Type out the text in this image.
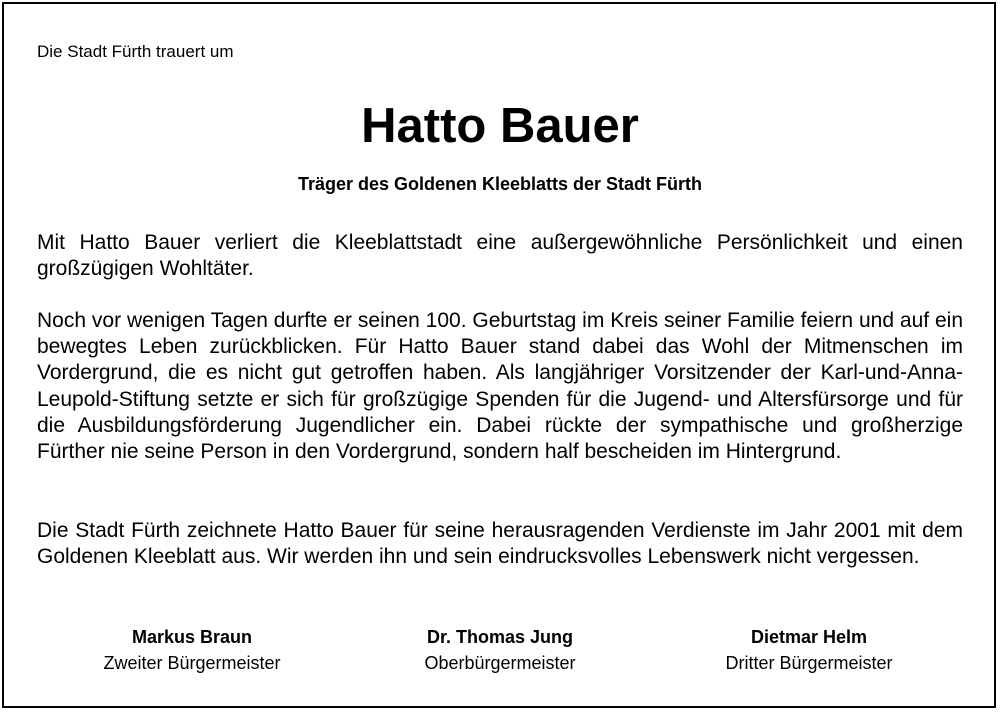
Die Stadt Fürth trauert um
Hatto Bauer
Träger des Goldenen Kleeblatts der Stadt Fürth

Mit Hatto Bauer verliert die Kleeblattstadt eine außergewöhnliche Persönlichkeit und einen großzügigen Wohltäter.

Noch vor wenigen Tagen durfte er seinen 100. Geburtstag im Kreis seiner Familie feiern und auf ein bewegtes Leben zurückblicken. Für Hatto Bauer stand dabei das Wohl der Mitmenschen im Vordergrund, die es nicht gut getroffen haben. Als langjähriger Vorsitzender der Karl-und-Anna-Leupold-Stiftung setzte er sich für großzügige Spenden für die Jugend- und Altersfürsorge und für die Ausbildungsförderung Jugendlicher ein. Dabei rückte der sympathische und großherzige Fürther nie seine Person in den Vordergrund, sondern half bescheiden im Hintergrund.

Die Stadt Fürth zeichnete Hatto Bauer für seine herausragenden Verdienste im Jahr 2001 mit dem Goldenen Kleeblatt aus. Wir werden ihn und sein eindrucksvolles Lebenswerk nicht vergessen.

Markus Braun
Zweiter Bürgermeister
Dr. Thomas Jung
Oberbürgermeister
Dietmar Helm
Dritter Bürgermeister
